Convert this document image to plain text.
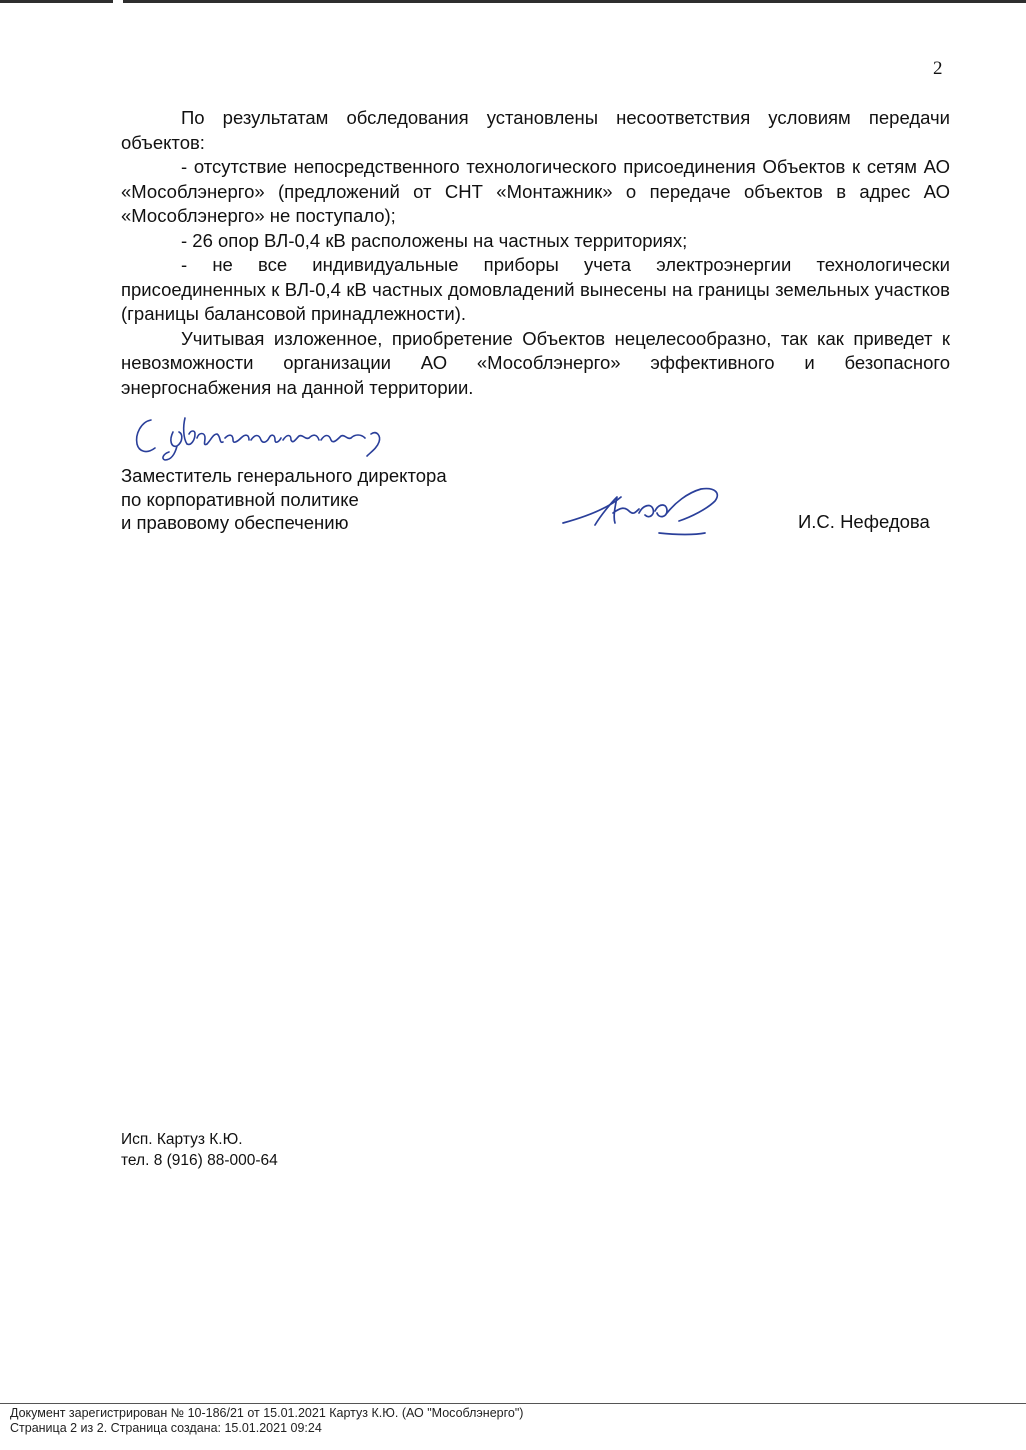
2

По результатам обследования установлены несоответствия условиям передачи объектов:

- отсутствие непосредственного технологического присоединения Объектов к сетям АО «Мособлэнерго» (предложений от СНТ «Монтажник» о передаче объектов в адрес АО «Мособлэнерго» не поступало);

- 26 опор ВЛ-0,4 кВ расположены на частных территориях;

- не все индивидуальные приборы учета электроэнергии технологически присоединенных к ВЛ-0,4 кВ частных домовладений вынесены на границы земельных участков (границы балансовой принадлежности).

Учитывая изложенное, приобретение Объектов нецелесообразно, так как приведет к невозможности организации АО «Мособлэнерго» эффективного и безопасного энергоснабжения на данной территории.

Заместитель генерального директора
по корпоративной политике
и правовому обеспечению	И.С. Нефедова
Исп. Картуз К.Ю.
тел. 8 (916) 88-000-64
Документ зарегистрирован № 10-186/21 от 15.01.2021 Картуз К.Ю. (АО "Мособлэнерго")
Страница 2 из 2. Страница создана: 15.01.2021 09:24
